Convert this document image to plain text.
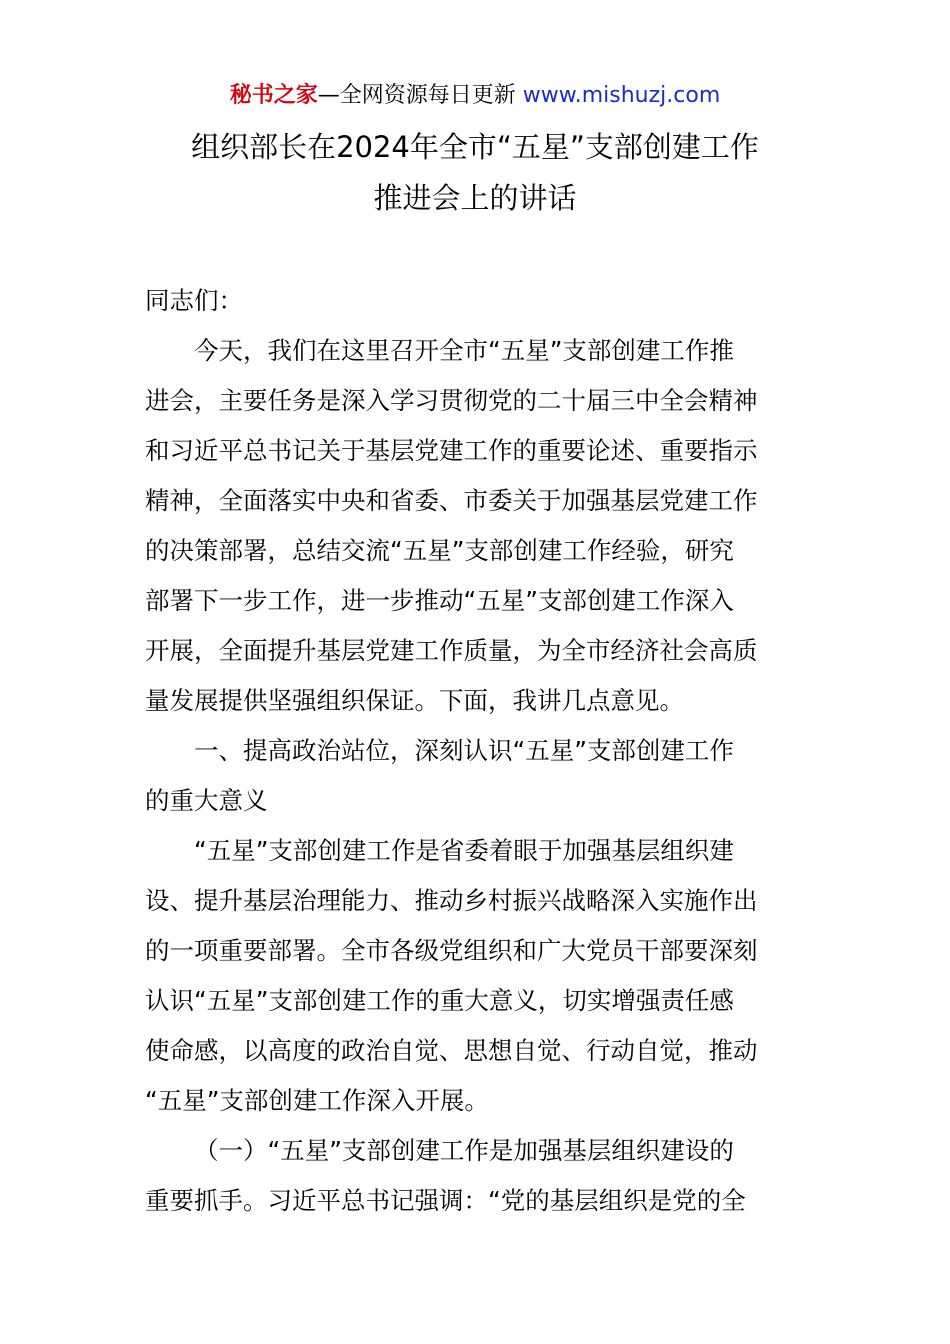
秘书之家—全网资源每日更新 www.mishuzj.com
组织部长在2024年全市“五星”支部创建工作
推进会上的讲话
同志们：
今天，我们在这里召开全市“五星”支部创建工作推
进会，主要任务是深入学习贯彻党的二十届三中全会精神
和习近平总书记关于基层党建工作的重要论述、重要指示
精神，全面落实中央和省委、市委关于加强基层党建工作
的决策部署，总结交流“五星”支部创建工作经验，研究
部署下一步工作，进一步推动“五星”支部创建工作深入
开展，全面提升基层党建工作质量，为全市经济社会高质
量发展提供坚强组织保证。下面，我讲几点意见。
一、提高政治站位，深刻认识“五星”支部创建工作
的重大意义
“五星”支部创建工作是省委着眼于加强基层组织建
设、提升基层治理能力、推动乡村振兴战略深入实施作出
的一项重要部署。全市各级党组织和广大党员干部要深刻
认识“五星”支部创建工作的重大意义，切实增强责任感
使命感，以高度的政治自觉、思想自觉、行动自觉，推动
“五星”支部创建工作深入开展。
（一）“五星”支部创建工作是加强基层组织建设的
重要抓手。习近平总书记强调：“党的基层组织是党的全
